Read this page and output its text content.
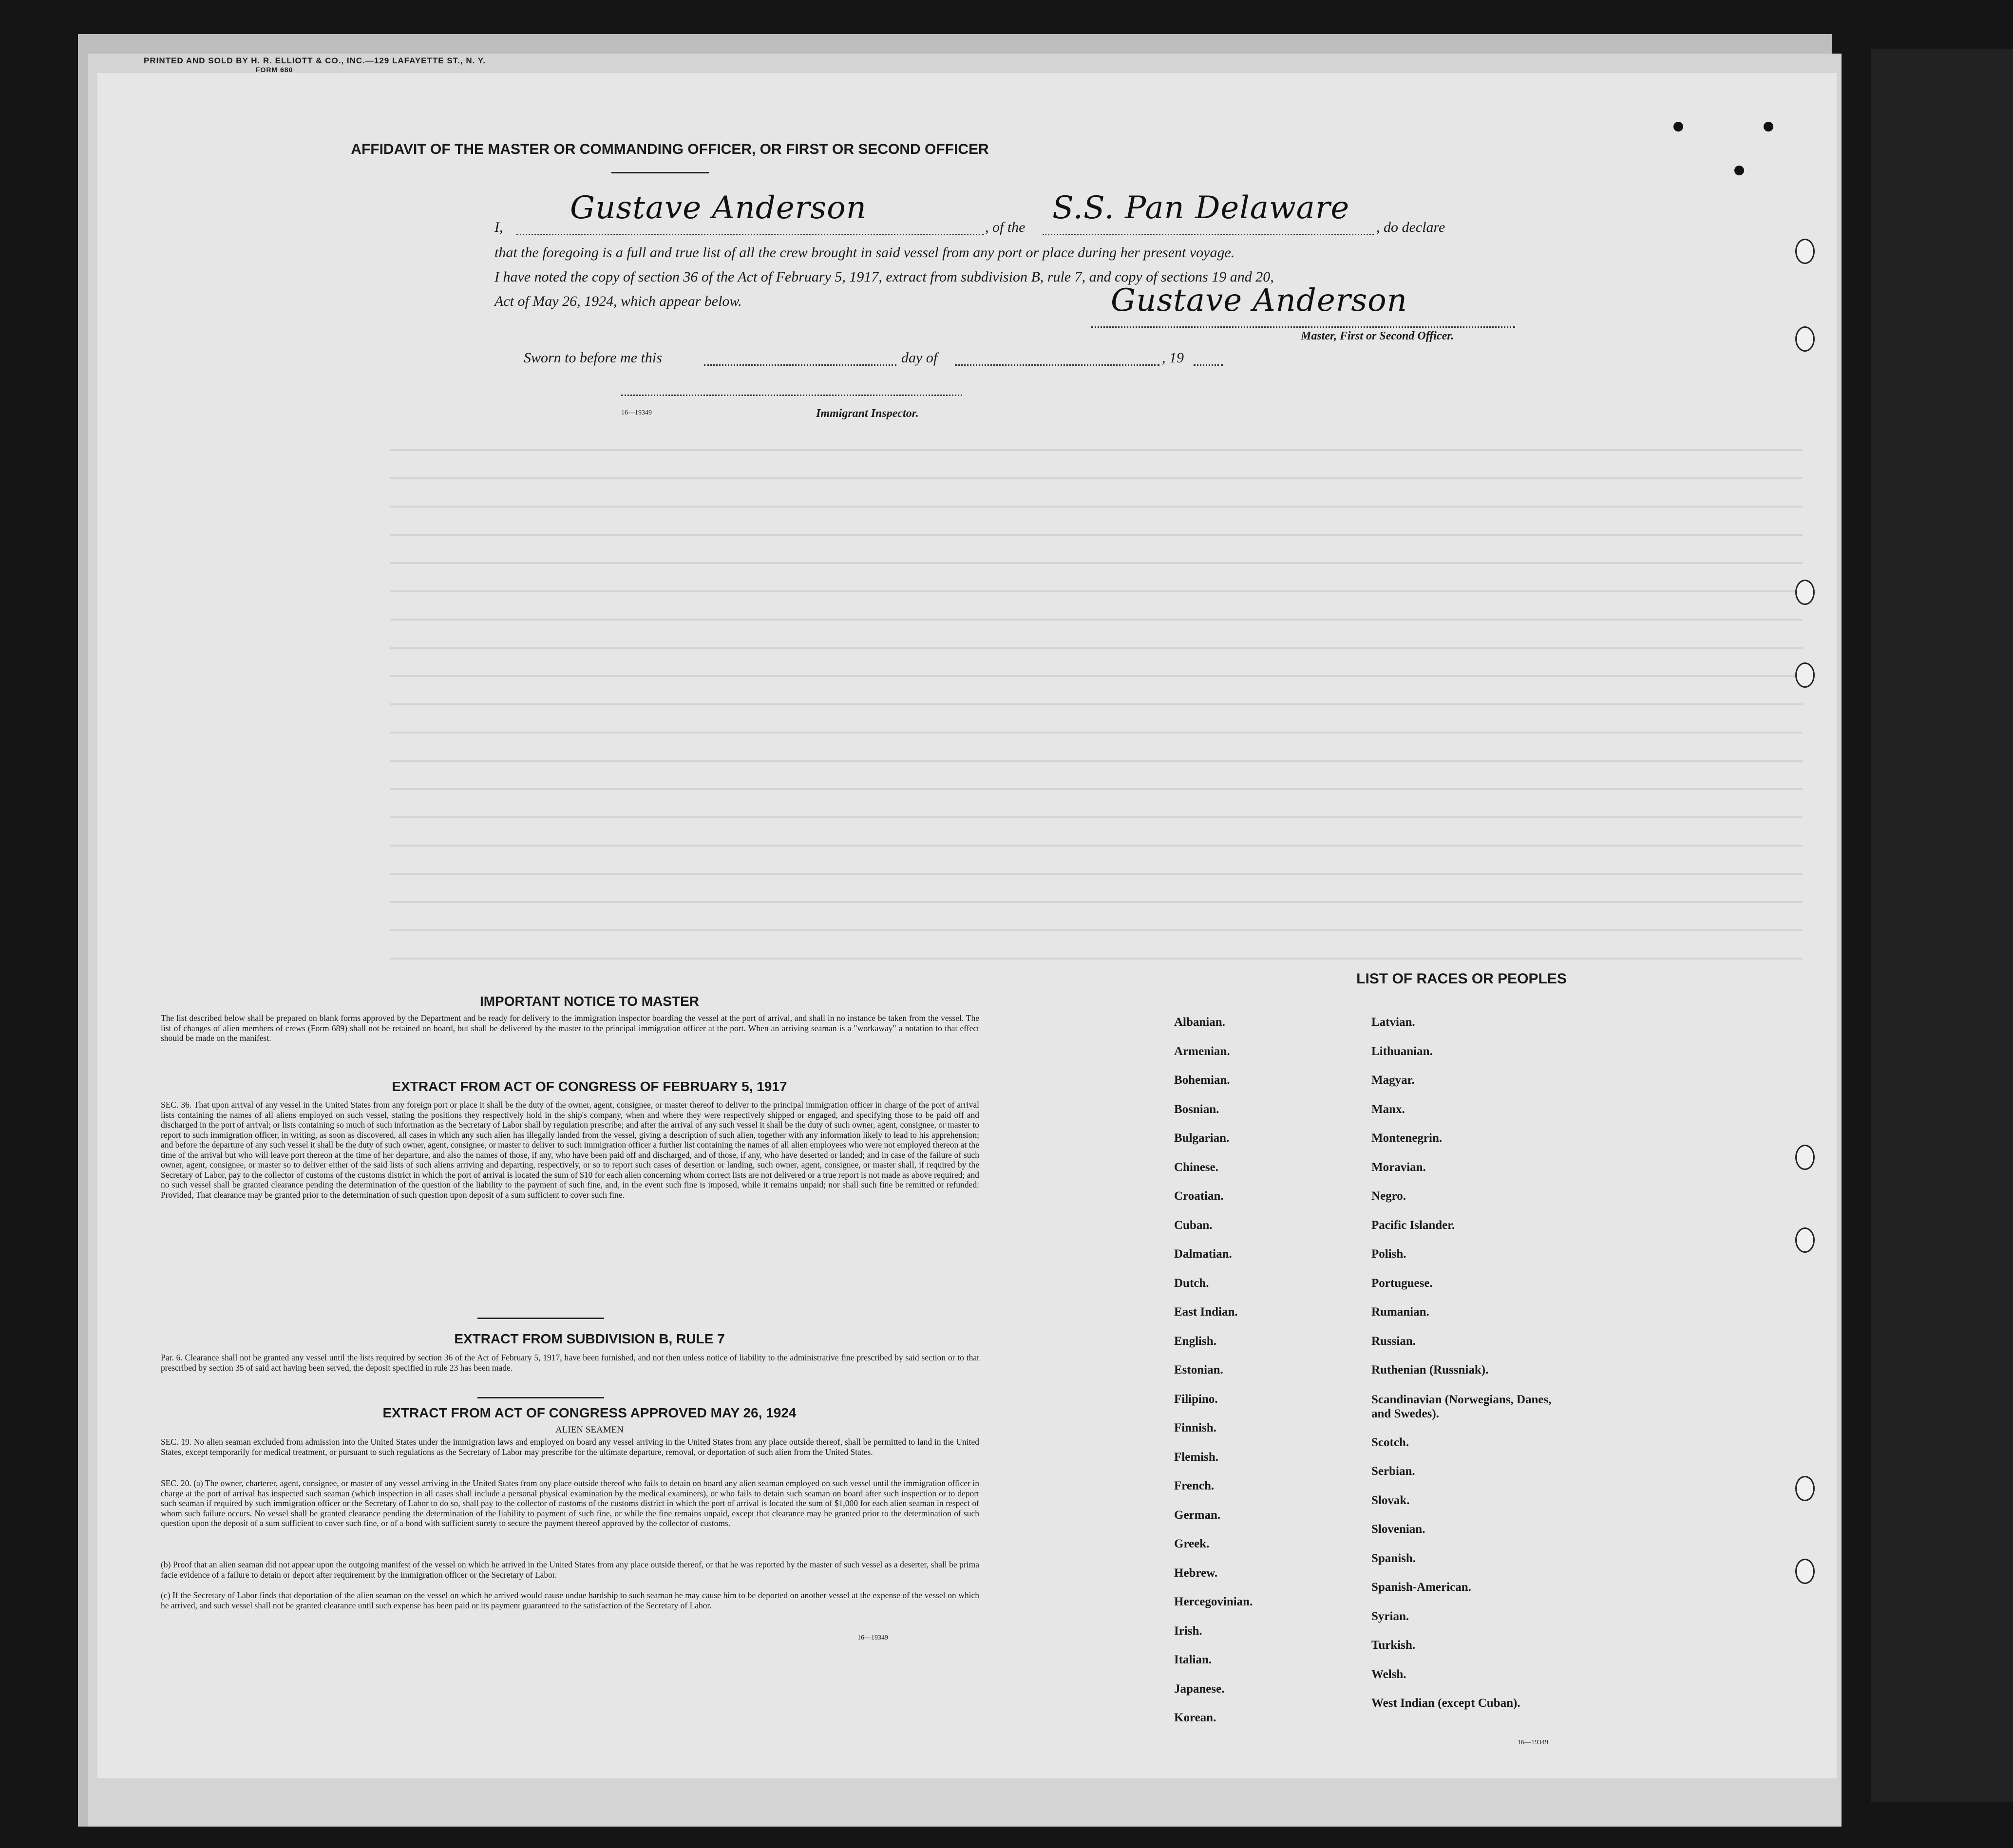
PRINTED AND SOLD BY H. R. ELLIOTT & CO., INC.—129 LAFAYETTE ST., N. Y.
FORM 680
AFFIDAVIT OF THE MASTER OR COMMANDING OFFICER, OR FIRST OR SECOND OFFICER
I,
Gustave Anderson
, of the
S.S. Pan Delaware
, do declare
that the foregoing is a full and true list of all the crew brought in said vessel from any port or place during her present voyage.
I have noted the copy of section 36 of the Act of February 5, 1917, extract from subdivision B, rule 7, and copy of sections 19 and 20,
Act of May 26, 1924, which appear below.	Gustave Anderson
Master, First or Second Officer.
Sworn to before me this	day of	, 19
16—19349	Immigrant Inspector.
IMPORTANT NOTICE TO MASTER
The list described below shall be prepared on blank forms approved by the Department and be ready for delivery to the immigration inspector boarding the vessel at the port of arrival, and shall in no instance be taken from the vessel. The list of changes of alien members of crews (Form 689) shall not be retained on board, but shall be delivered by the master to the principal immigration officer at the port. When an arriving seaman is a "workaway" a notation to that effect should be made on the manifest.
EXTRACT FROM ACT OF CONGRESS OF FEBRUARY 5, 1917
SEC. 36. That upon arrival of any vessel in the United States from any foreign port or place it shall be the duty of the owner, agent, consignee, or master thereof to deliver to the principal immigration officer in charge of the port of arrival lists containing the names of all aliens employed on such vessel, stating the positions they respectively hold in the ship's company, when and where they were respectively shipped or engaged, and specifying those to be paid off and discharged in the port of arrival; or lists containing so much of such information as the Secretary of Labor shall by regulation prescribe; and after the arrival of any such vessel it shall be the duty of such owner, agent, consignee, or master to report to such immigration officer, in writing, as soon as discovered, all cases in which any such alien has illegally landed from the vessel, giving a description of such alien, together with any information likely to lead to his apprehension; and before the departure of any such vessel it shall be the duty of such owner, agent, consignee, or master to deliver to such immigration officer a further list containing the names of all alien employees who were not employed thereon at the time of the arrival but who will leave port thereon at the time of her departure, and also the names of those, if any, who have been paid off and discharged, and of those, if any, who have deserted or landed; and in case of the failure of such owner, agent, consignee, or master so to deliver either of the said lists of such aliens arriving and departing, respectively, or so to report such cases of desertion or landing, such owner, agent, consignee, or master shall, if required by the Secretary of Labor, pay to the collector of customs of the customs district in which the port of arrival is located the sum of $10 for each alien concerning whom correct lists are not delivered or a true report is not made as above required; and no such vessel shall be granted clearance pending the determination of the question of the liability to the payment of such fine, and, in the event such fine is imposed, while it remains unpaid; nor shall such fine be remitted or refunded: Provided, That clearance may be granted prior to the determination of such question upon deposit of a sum sufficient to cover such fine.
EXTRACT FROM SUBDIVISION B, RULE 7
Par. 6. Clearance shall not be granted any vessel until the lists required by section 36 of the Act of February 5, 1917, have been furnished, and not then unless notice of liability to the administrative fine prescribed by said section or to that prescribed by section 35 of said act having been served, the deposit specified in rule 23 has been made.
EXTRACT FROM ACT OF CONGRESS APPROVED MAY 26, 1924
ALIEN SEAMEN
SEC. 19. No alien seaman excluded from admission into the United States under the immigration laws and employed on board any vessel arriving in the United States from any place outside thereof, shall be permitted to land in the United States, except temporarily for medical treatment, or pursuant to such regulations as the Secretary of Labor may prescribe for the ultimate departure, removal, or deportation of such alien from the United States.
SEC. 20. (a) The owner, charterer, agent, consignee, or master of any vessel arriving in the United States from any place outside thereof who fails to detain on board any alien seaman employed on such vessel until the immigration officer in charge at the port of arrival has inspected such seaman (which inspection in all cases shall include a personal physical examination by the medical examiners), or who fails to detain such seaman on board after such inspection or to deport such seaman if required by such immigration officer or the Secretary of Labor to do so, shall pay to the collector of customs of the customs district in which the port of arrival is located the sum of $1,000 for each alien seaman in respect of whom such failure occurs. No vessel shall be granted clearance pending the determination of the liability to payment of such fine, or while the fine remains unpaid, except that clearance may be granted prior to the determination of such question upon the deposit of a sum sufficient to cover such fine, or of a bond with sufficient surety to secure the payment thereof approved by the collector of customs.
(b) Proof that an alien seaman did not appear upon the outgoing manifest of the vessel on which he arrived in the United States from any place outside thereof, or that he was reported by the master of such vessel as a deserter, shall be prima facie evidence of a failure to detain or deport after requirement by the immigration officer or the Secretary of Labor.
(c) If the Secretary of Labor finds that deportation of the alien seaman on the vessel on which he arrived would cause undue hardship to such seaman he may cause him to be deported on another vessel at the expense of the vessel on which he arrived, and such vessel shall not be granted clearance until such expense has been paid or its payment guaranteed to the satisfaction of the Secretary of Labor.
16—19349
LIST OF RACES OR PEOPLES
16—19349
Albanian.
Armenian.
Bohemian.
Bosnian.
Bulgarian.
Chinese.
Croatian.
Cuban.
Dalmatian.
Dutch.
East Indian.
English.
Estonian.
Filipino.
Finnish.
Flemish.
French.
German.
Greek.
Hebrew.
Hercegovinian.
Irish.
Italian.
Japanese.
Korean.
Latvian.
Lithuanian.
Magyar.
Manx.
Montenegrin.
Moravian.
Negro.
Pacific Islander.
Polish.
Portuguese.
Rumanian.
Russian.
Ruthenian (Russniak).
Scandinavian (Norwegians, Danes, and Swedes).
Scotch.
Serbian.
Slovak.
Slovenian.
Spanish.
Spanish-American.
Syrian.
Turkish.
Welsh.
West Indian (except Cuban).
